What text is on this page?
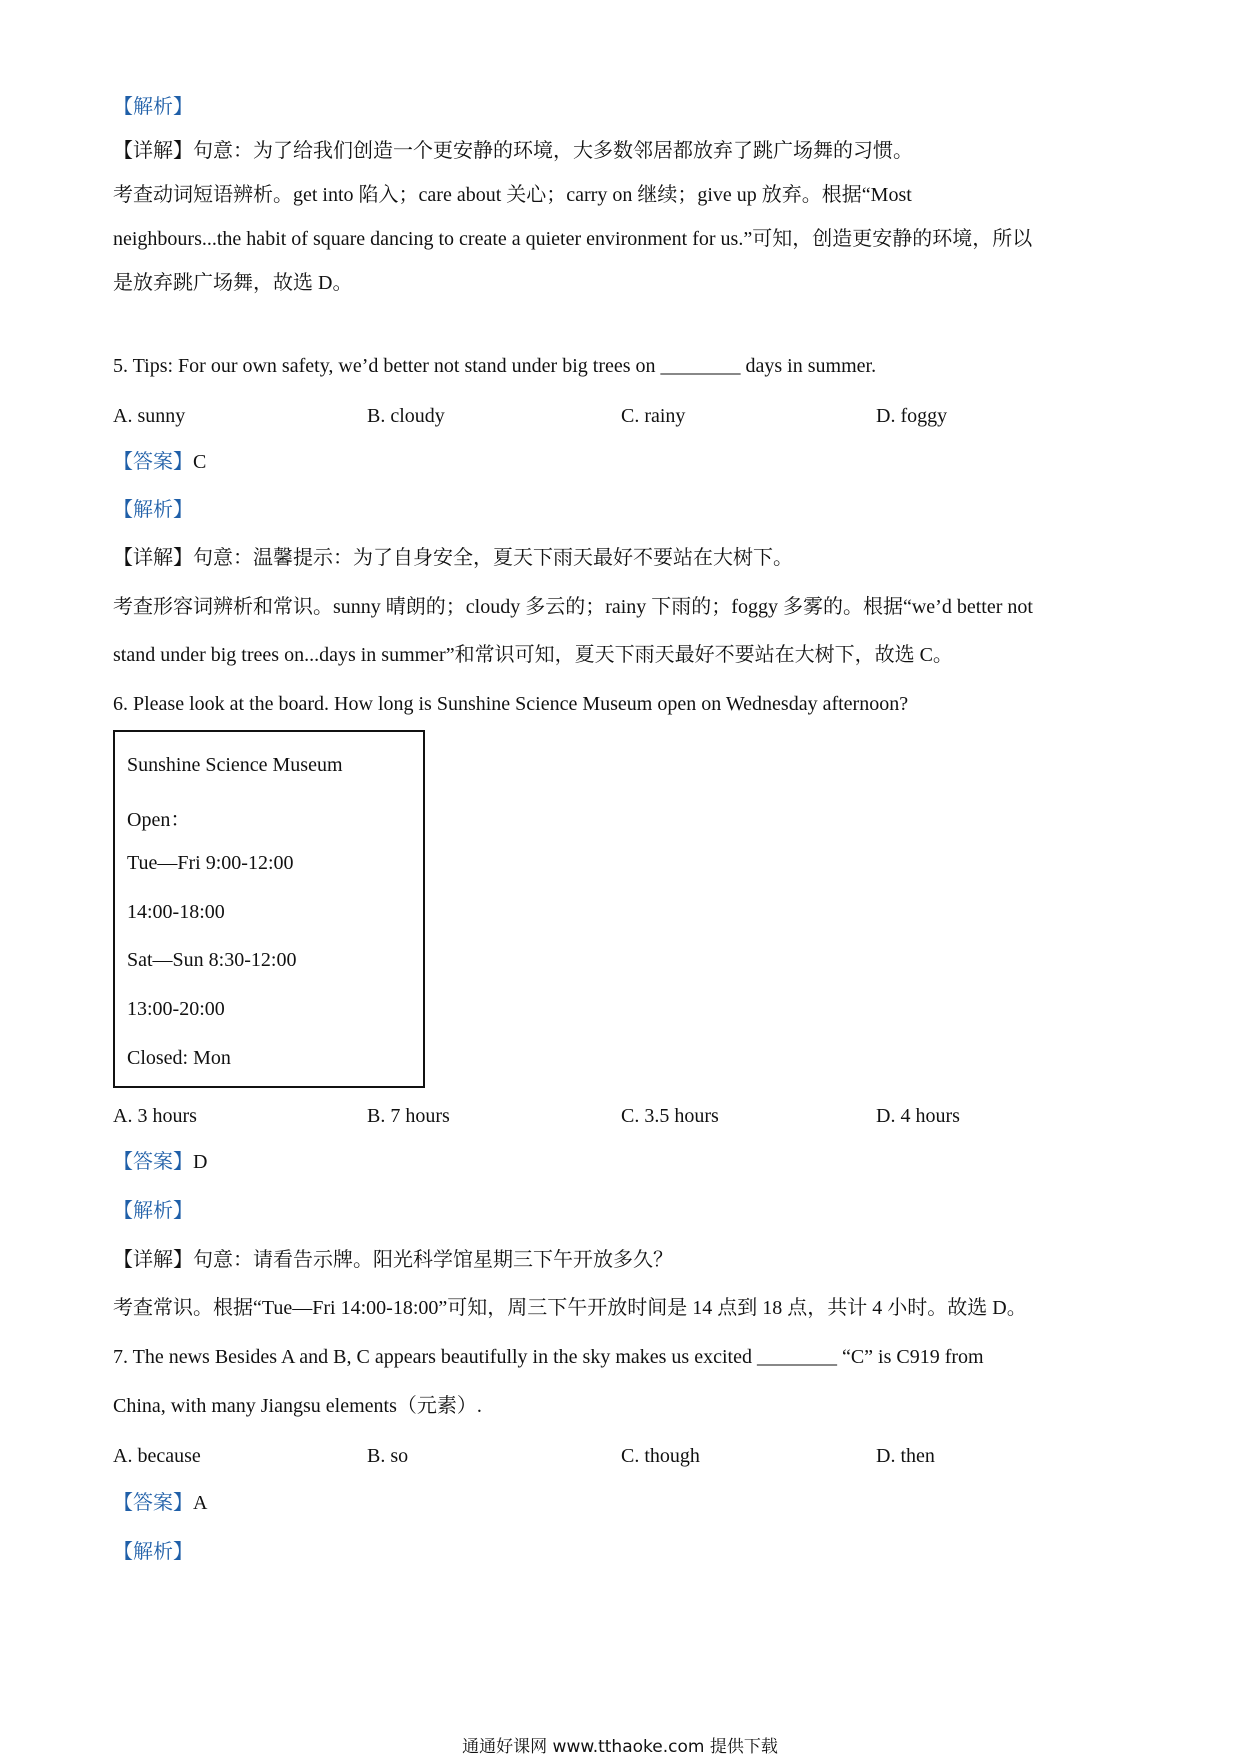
【解析】
【详解】句意：为了给我们创造一个更安静的环境，大多数邻居都放弃了跳广场舞的习惯。
考查动词短语辨析。get into 陷入；care about 关心；carry on 继续；give up 放弃。根据“Most
neighbours...the habit of square dancing to create a quieter environment for us.”可知，创造更安静的环境，所以
是放弃跳广场舞，故选 D。
5. Tips: For our own safety, we’d better not stand under big trees on ________ days in summer.
A. sunny	B. cloudy	C. rainy	D. foggy
【答案】C
【解析】
【详解】句意：温馨提示：为了自身安全，夏天下雨天最好不要站在大树下。
考查形容词辨析和常识。sunny 晴朗的；cloudy 多云的；rainy 下雨的；foggy 多雾的。根据“we’d better not
stand under big trees on...days in summer”和常识可知，夏天下雨天最好不要站在大树下，故选 C。
6. Please look at the board. How long is Sunshine Science Museum open on Wednesday afternoon?
Sunshine Science Museum
Open：
Tue—Fri 9:00-12:00
14:00-18:00
Sat—Sun 8:30-12:00
13:00-20:00
Closed: Mon
A. 3 hours	B. 7 hours	C. 3.5 hours	D. 4 hours
【答案】D
【解析】
【详解】句意：请看告示牌。阳光科学馆星期三下午开放多久？
考查常识。根据“Tue—Fri 14:00-18:00”可知，周三下午开放时间是 14 点到 18 点，共计 4 小时。故选 D。
7. The news Besides A and B, C appears beautifully in the sky makes us excited ________ “C” is C919 from
China, with many Jiangsu elements（元素）.
A. because	B. so	C. though	D. then
【答案】A
【解析】
通通好课网 www.tthaoke.com 提供下载
